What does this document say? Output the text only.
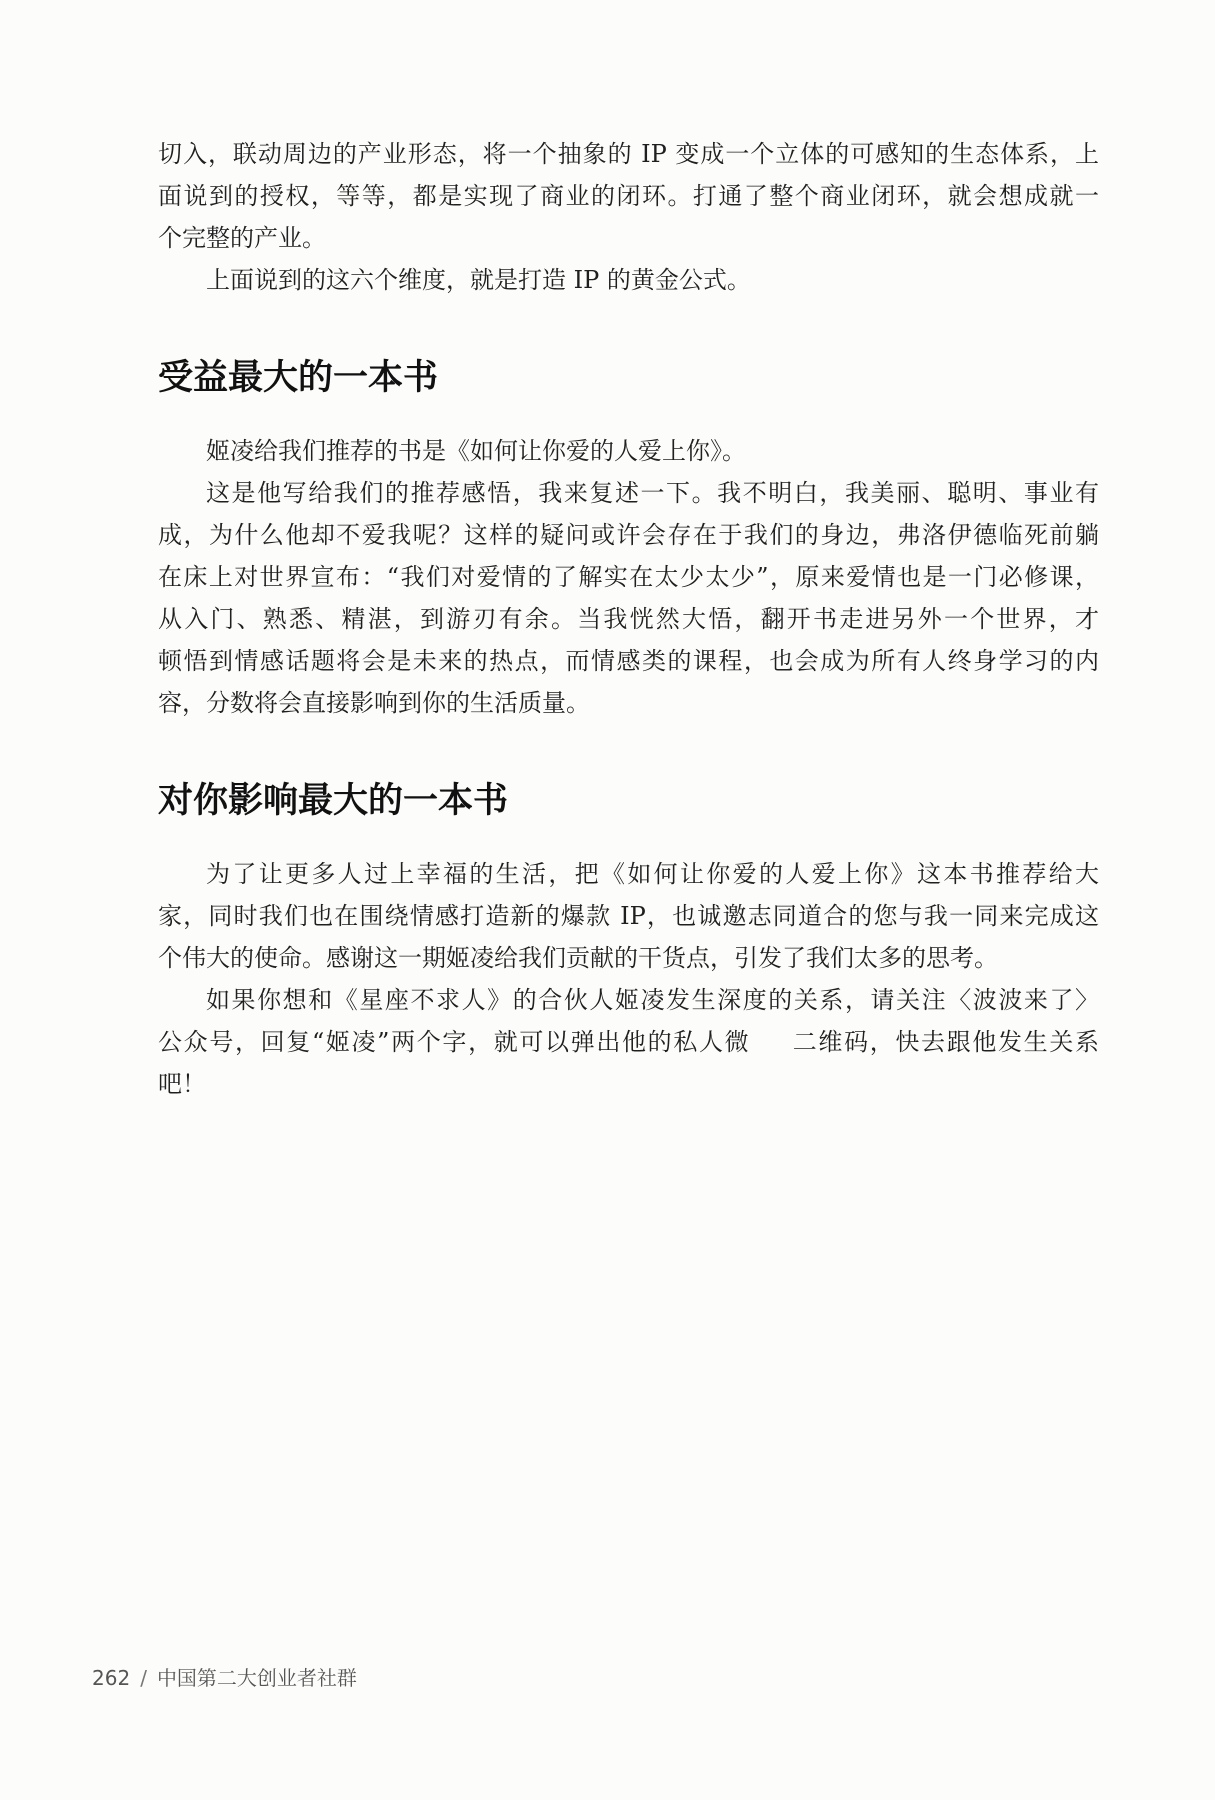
切入，联动周边的产业形态，将一个抽象的 IP 变成一个立体的可感知的生态体系，上
面说到的授权，等等，都是实现了商业的闭环。打通了整个商业闭环，就会想成就一
个完整的产业。
上面说到的这六个维度，就是打造 IP 的黄金公式。
受益最大的一本书
姬凌给我们推荐的书是《如何让你爱的人爱上你》。
这是他写给我们的推荐感悟，我来复述一下。我不明白，我美丽、聪明、事业有
成，为什么他却不爱我呢？这样的疑问或许会存在于我们的身边，弗洛伊德临死前躺
在床上对世界宣布：“我们对爱情的了解实在太少太少”，原来爱情也是一门必修课，
从入门、熟悉、精湛，到游刃有余。当我恍然大悟，翻开书走进另外一个世界，才
顿悟到情感话题将会是未来的热点，而情感类的课程，也会成为所有人终身学习的内
容，分数将会直接影响到你的生活质量。
对你影响最大的一本书
为了让更多人过上幸福的生活，把《如何让你爱的人爱上你》这本书推荐给大
家，同时我们也在围绕情感打造新的爆款 IP，也诚邀志同道合的您与我一同来完成这
个伟大的使命。感谢这一期姬凌给我们贡献的干货点，引发了我们太多的思考。
如果你想和《星座不求人》的合伙人姬凌发生深度的关系，请关注〈波波来了〉
公众号，回复“姬凌”两个字，就可以弹出他的私人微 二维码，快去跟他发生关系
吧！
262 / 中国第二大创业者社群
